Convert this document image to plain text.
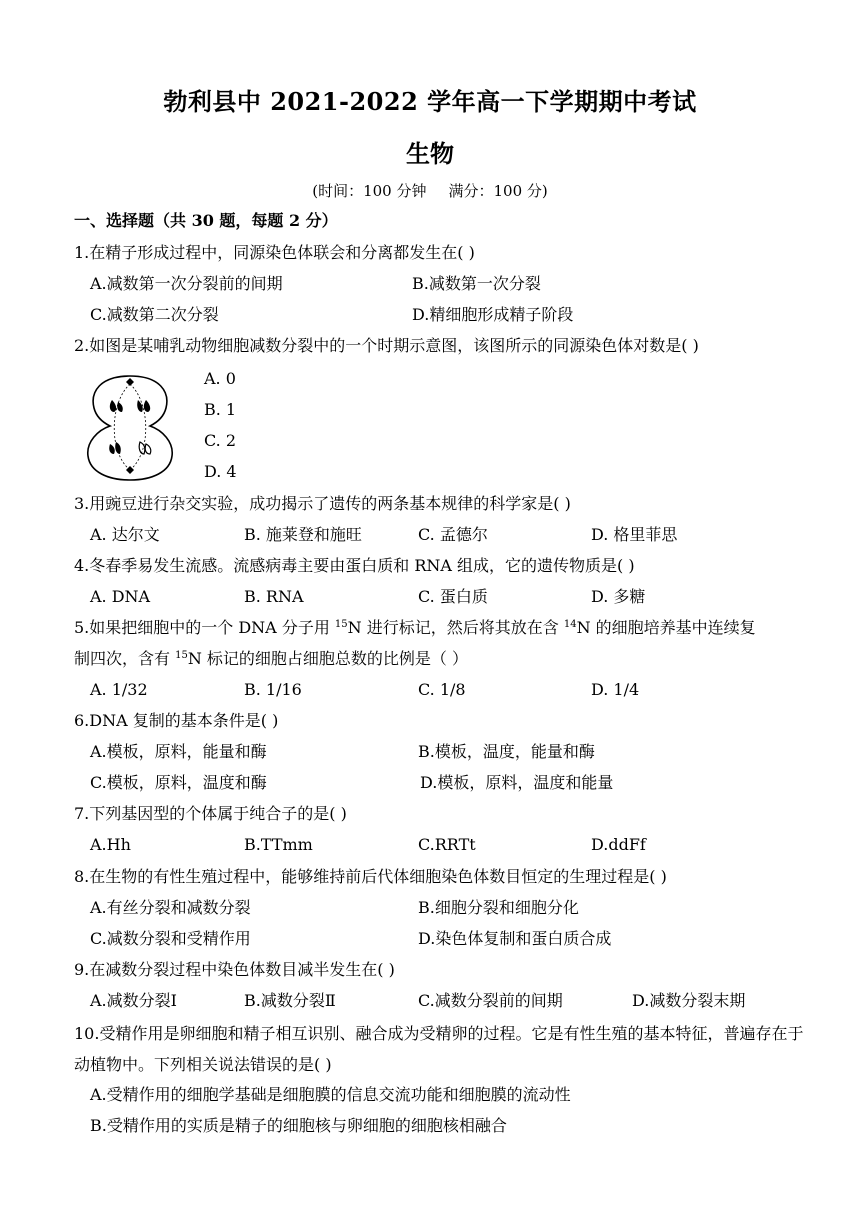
勃利县中 2021-2022 学年高一下学期期中考试
生物
(时间：100 分钟 满分：100 分)
一、选择题（共 30 题，每题 2 分）
1.在精子形成过程中，同源染色体联会和分离都发生在( )
A.减数第一次分裂前的间期	B.减数第一次分裂
C.减数第二次分裂	D.精细胞形成精子阶段
2.如图是某哺乳动物细胞减数分裂中的一个时期示意图，该图所示的同源染色体对数是( )
A. 0
B. 1
C. 2
D. 4
3.用豌豆进行杂交实验，成功揭示了遗传的两条基本规律的科学家是( )
A. 达尔文	B. 施莱登和施旺	C. 孟德尔	D. 格里菲思
4.冬春季易发生流感。流感病毒主要由蛋白质和 RNA 组成，它的遗传物质是( )
A. DNA	B. RNA	C. 蛋白质	D. 多糖
5.如果把细胞中的一个 DNA 分子用 $^{15}$N 进行标记，然后将其放在含 $^{14}$N 的细胞培养基中连续复
制四次，含有 $^{15}$N 标记的细胞占细胞总数的比例是（ ）
A. 1/32	B. 1/16	C. 1/8	D. 1/4
6.DNA 复制的基本条件是( )
A.模板，原料，能量和酶	B.模板，温度，能量和酶
C.模板，原料，温度和酶	D.模板，原料，温度和能量
7.下列基因型的个体属于纯合子的是( )
A.Hh	B.TTmm	C.RRTt	D.ddFf
8.在生物的有性生殖过程中，能够维持前后代体细胞染色体数目恒定的生理过程是( )
A.有丝分裂和减数分裂	B.细胞分裂和细胞分化
C.减数分裂和受精作用	D.染色体复制和蛋白质合成
9.在减数分裂过程中染色体数目减半发生在( )
A.减数分裂Ⅰ	B.减数分裂Ⅱ	C.减数分裂前的间期	D.减数分裂末期
10.受精作用是卵细胞和精子相互识别、融合成为受精卵的过程。它是有性生殖的基本特征，普遍存在于动植物中。下列相关说法错误的是( )
A.受精作用的细胞学基础是细胞膜的信息交流功能和细胞膜的流动性
B.受精作用的实质是精子的细胞核与卵细胞的细胞核相融合
